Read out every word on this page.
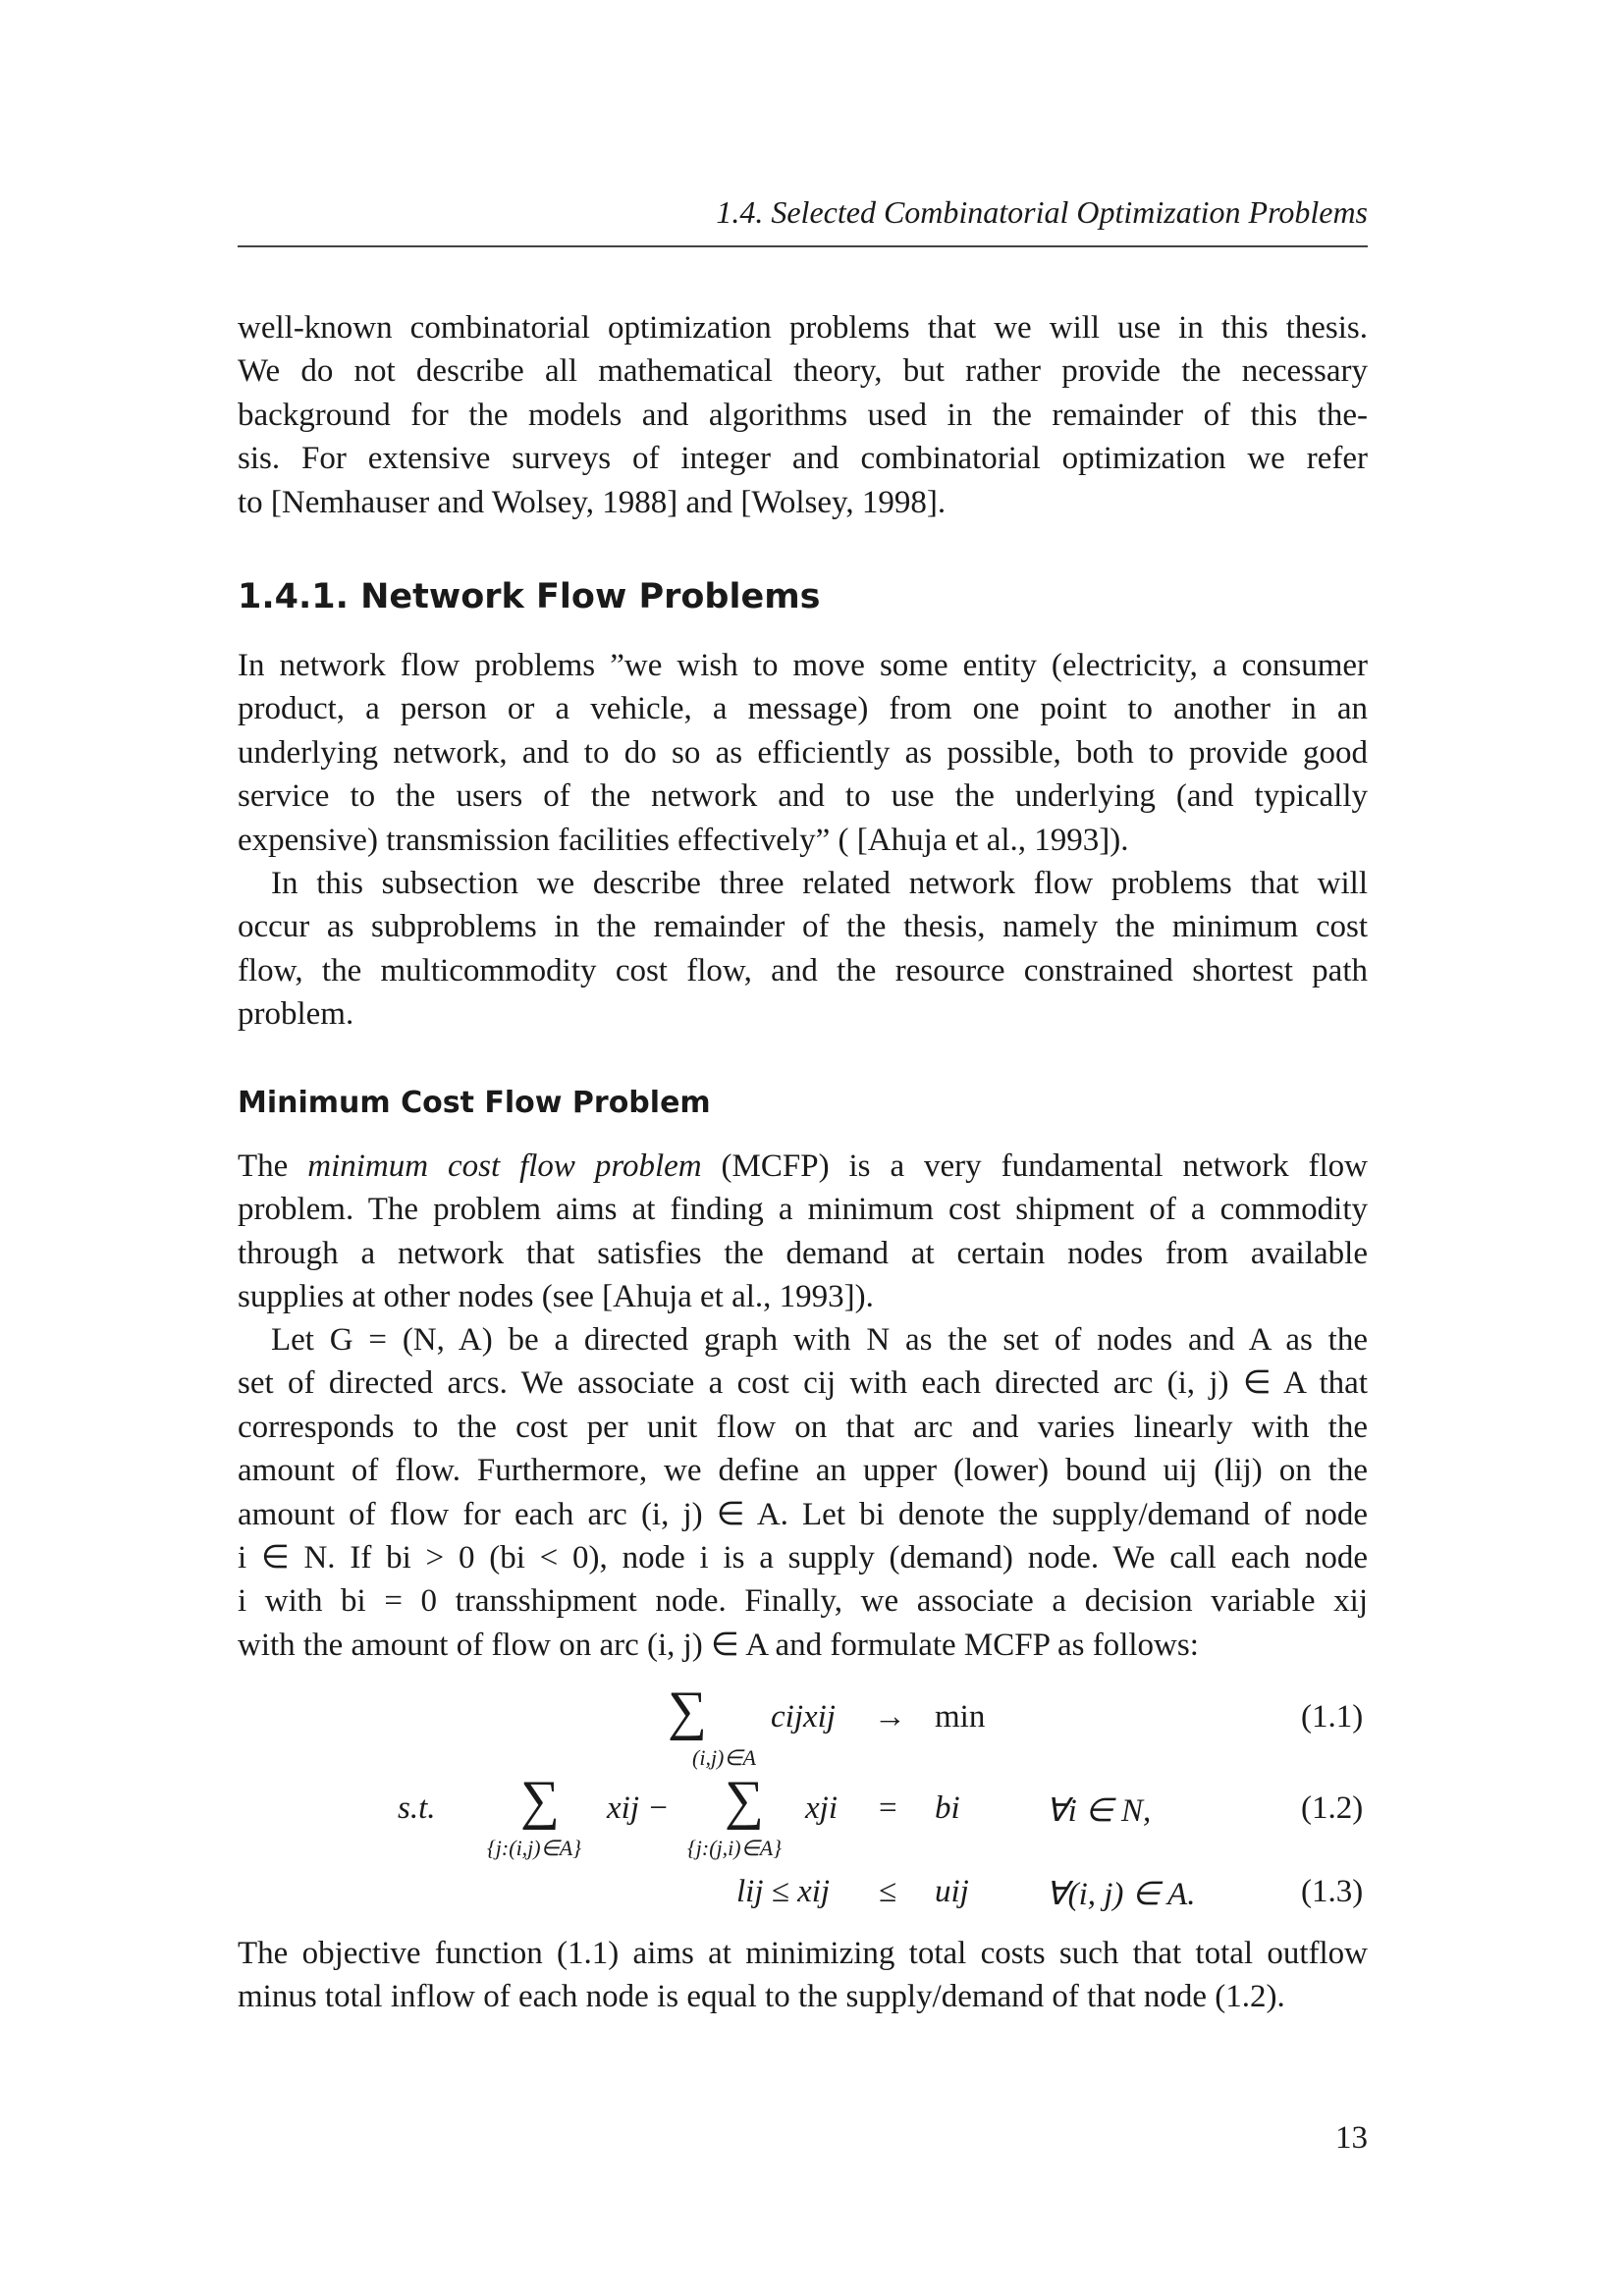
1.4. Selected Combinatorial Optimization Problems
well-known combinatorial optimization problems that we will use in this thesis.
We do not describe all mathematical theory, but rather provide the necessary
background for the models and algorithms used in the remainder of this the-
sis. For extensive surveys of integer and combinatorial optimization we refer
to [Nemhauser and Wolsey, 1988] and [Wolsey, 1998].
1.4.1. Network Flow Problems
In network flow problems ”we wish to move some entity (electricity, a consumer
product, a person or a vehicle, a message) from one point to another in an
underlying network, and to do so as efficiently as possible, both to provide good
service to the users of the network and to use the underlying (and typically
expensive) transmission facilities effectively” ( [Ahuja et al., 1993]).
In this subsection we describe three related network flow problems that will
occur as subproblems in the remainder of the thesis, namely the minimum cost
flow, the multicommodity cost flow, and the resource constrained shortest path
problem.
Minimum Cost Flow Problem
The minimum cost flow problem (MCFP) is a very fundamental network flow
problem. The problem aims at finding a minimum cost shipment of a commodity
through a network that satisfies the demand at certain nodes from available
supplies at other nodes (see [Ahuja et al., 1993]).
Let G = (N, A) be a directed graph with N as the set of nodes and A as the
set of directed arcs. We associate a cost cij with each directed arc (i, j) ∈ A that
corresponds to the cost per unit flow on that arc and varies linearly with the
amount of flow. Furthermore, we define an upper (lower) bound uij (lij) on the
amount of flow for each arc (i, j) ∈ A. Let bi denote the supply/demand of node
i ∈ N. If bi > 0 (bi < 0), node i is a supply (demand) node. We call each node
i with bi = 0 transshipment node. Finally, we associate a decision variable xij
with the amount of flow on arc (i, j) ∈ A and formulate MCFP as follows:
∑
(i,j)∈A
cijxij → min	(1.1)
s.t. ∑
{j:(i,j)∈A}
xij − ∑
{j:(j,i)∈A}
xji = bi	∀i ∈ N,	(1.2)
lij ≤ xij ≤ uij ∀(i, j) ∈ A.	(1.3)
The objective function (1.1) aims at minimizing total costs such that total outflow
minus total inflow of each node is equal to the supply/demand of that node (1.2).
13
